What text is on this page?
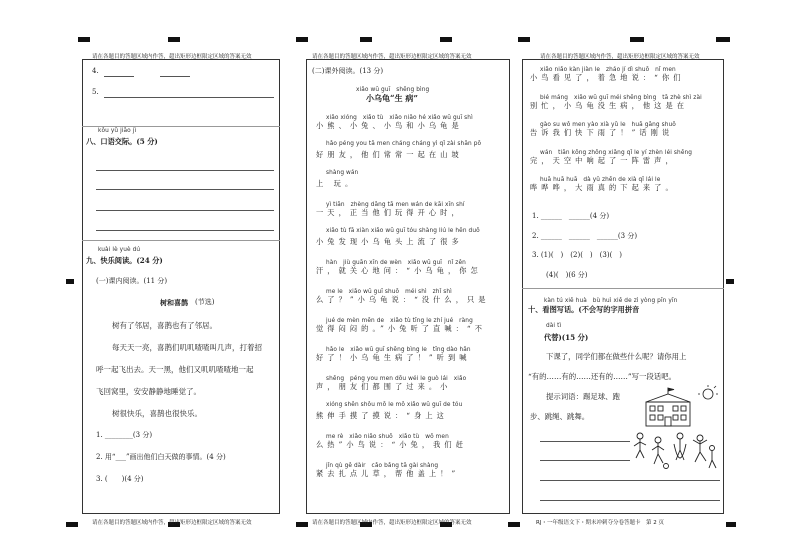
请在各题目的答题区域内作答，超出矩形边框限定区域的答案无效	请在各题目的答题区域内作答，超出矩形边框限定区域的答案无效	请在各题目的答题区域内作答，超出矩形边框限定区域的答案无效
4.
5.
kǒu yǔ jiāo jì
八、口语交际。(5 分)
kuài lè yuè dú
九、快乐阅读。(24 分)
(一)课内阅读。(11 分)
树和喜鹊 (节选)
树有了邻居，喜鹊也有了邻居。
每天天一亮，喜鹊们叽叽喳喳叫几声，打着招
呼一起飞出去。天一黑，他们又叽叽喳喳地一起
飞回窝里，安安静静地睡觉了。
树很快乐，喜鹊也很快乐。
1. ________(3 分)
2. 用“___”画出他们白天做的事情。(4 分)
3. (　　)(4 分)
(二)课外阅读。(13 分)
xiǎo wū guī　shēng bìng
小乌龟“生 病”
xiǎo xióng　xiǎo tù　xiǎo niǎo hé xiǎo wū guī shì
小熊、小兔、小鸟和小乌龟是
hǎo péng you tā men cháng cháng yì qǐ zài shān pō
好朋友，他们常常一起在山坡
shàng wán
上 玩。
yì tiān　zhèng dāng tā men wán de kāi xīn shí
一天，正当他们玩得开心时，
xiǎo tù fā xiàn xiǎo wū guī tóu shàng liú le hěn duō
小兔发现小乌龟头上流了很多
hàn　jiù guān xīn de wèn　xiǎo wū guī　nǐ zěn
汗，就关心地问：“小乌龟，你怎
me le　xiǎo wū guī shuō　méi shì　zhǐ shì
么了？”小乌龟说：“没什么，只是
jué de mèn mēn de　xiǎo tù tīng le zhí jué　ràng
觉得闷闷的。”小兔听了直喊：“不
hǎo le　xiǎo wū guī shēng bìng le　tīng dào hǎn
好了！小乌龟生病了！”听到喊
shēng　péng you men dōu wéi le guò lái　xiǎo
声，朋友们都围了过来。小
xióng shēn shǒu mō le mō xiǎo wū guī de tóu
熊伸手摸了摸说：“身上这
me rè　xiǎo niǎo shuō　xiǎo tù　wǒ men
么热”小鸟说：“小兔，我们赶
jǐn qù gě dàir　cǎo bǎng tā gài shàng
紧去扎点儿草，帮他盖上！”
xiǎo niǎo kàn jiàn le　zháo jí dì shuō　nǐ men
小鸟看见了，着急地说：“你们
bié máng　xiǎo wū guī méi shēng bìng　tā zhè shì zài
别忙，小乌龟没生病，他这是在
gào su wǒ men yào xià yǔ le　huā gāng shuō
告诉我们快下雨了！”话刚说
wán　tiān kōng zhōng xiǎng qǐ le yí zhèn léi shēng
完，天空中响起了一阵雷声，
huā huā huā　dà yǔ zhēn de xià qǐ lái le
哗哗哗，大雨真的下起来了。
1. ______　______(4 分)
2. ______　______　______(3 分)
3. (1)(　)　(2)(　)　(3)(　)
(4)(　)(6 分)
kàn tú xiě huà　bù huì xiě de zì yòng pīn yīn
十、看图写话。(不会写的字用拼音
dài tì
代替)(15 分)
下课了，同学们都在做些什么呢？请你用上
“有的……有的……还有的……”写一段话吧。
提示词语：踢足球、跑
步、跳绳、跳舞。
请在各题目的答题区域内作答，超出矩形边框限定区域的答案无效	请在各题目的答题区域内作答，超出矩形边框限定区域的答案无效	RJ・一年级语文下・期末冲刺夺分卷答题卡　第 2 页
